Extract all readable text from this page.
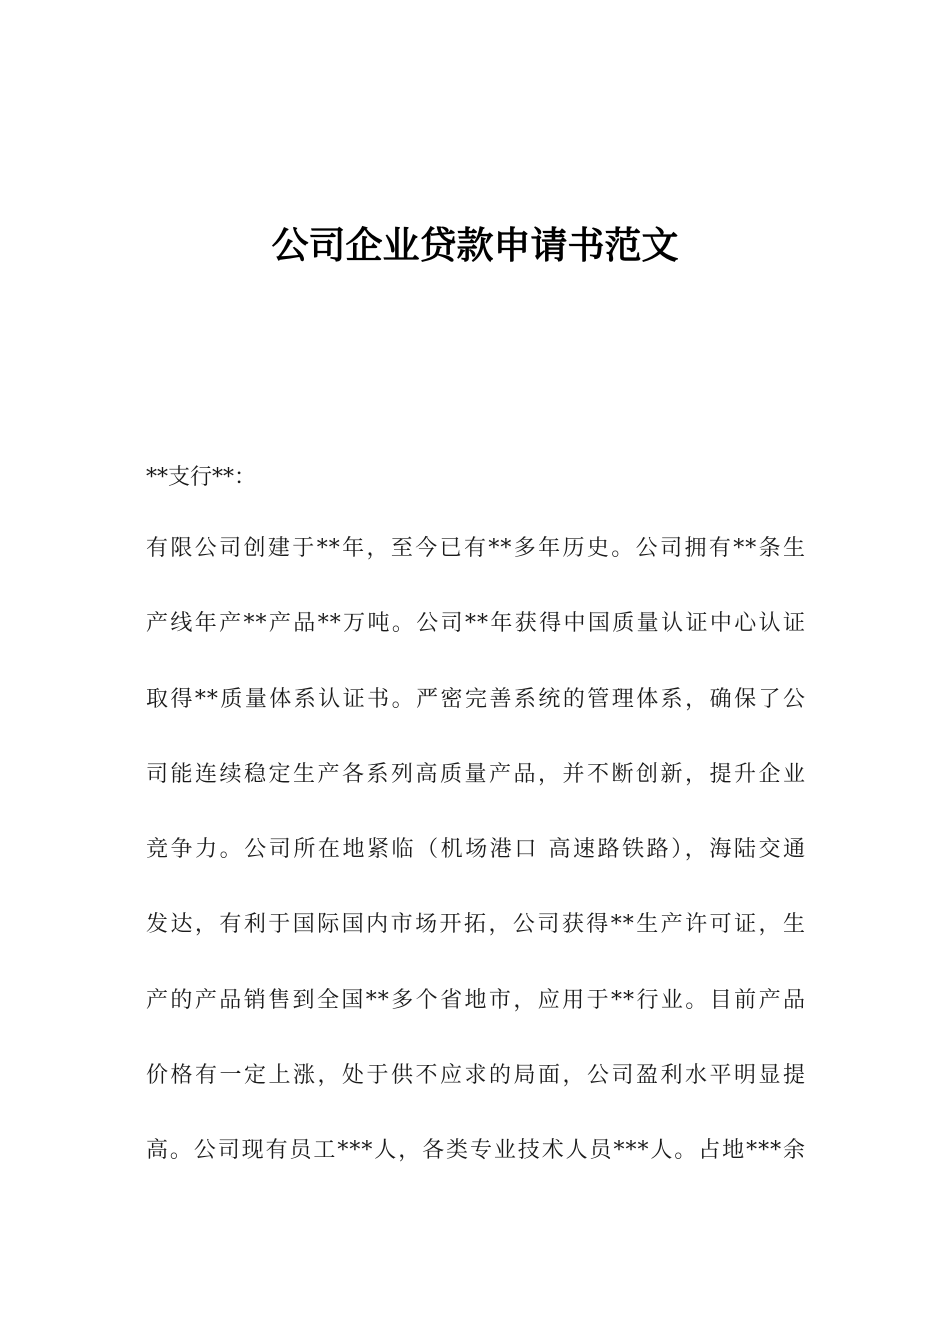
公司企业贷款申请书范文
**支行**：
有限公司创建于**年，至今已有**多年历史。公司拥有**条生
产线年产**产品**万吨。公司**年获得中国质量认证中心认证
取得**质量体系认证书。严密完善系统的管理体系，确保了公
司能连续稳定生产各系列高质量产品，并不断创新，提升企业
竞争力。公司所在地紧临（机场港口 高速路铁路），海陆交通
发达，有利于国际国内市场开拓，公司获得**生产许可证，生
产的产品销售到全国**多个省地市，应用于**行业。目前产品
价格有一定上涨，处于供不应求的局面，公司盈利水平明显提
高。公司现有员工***人，各类专业技术人员***人。占地***余
